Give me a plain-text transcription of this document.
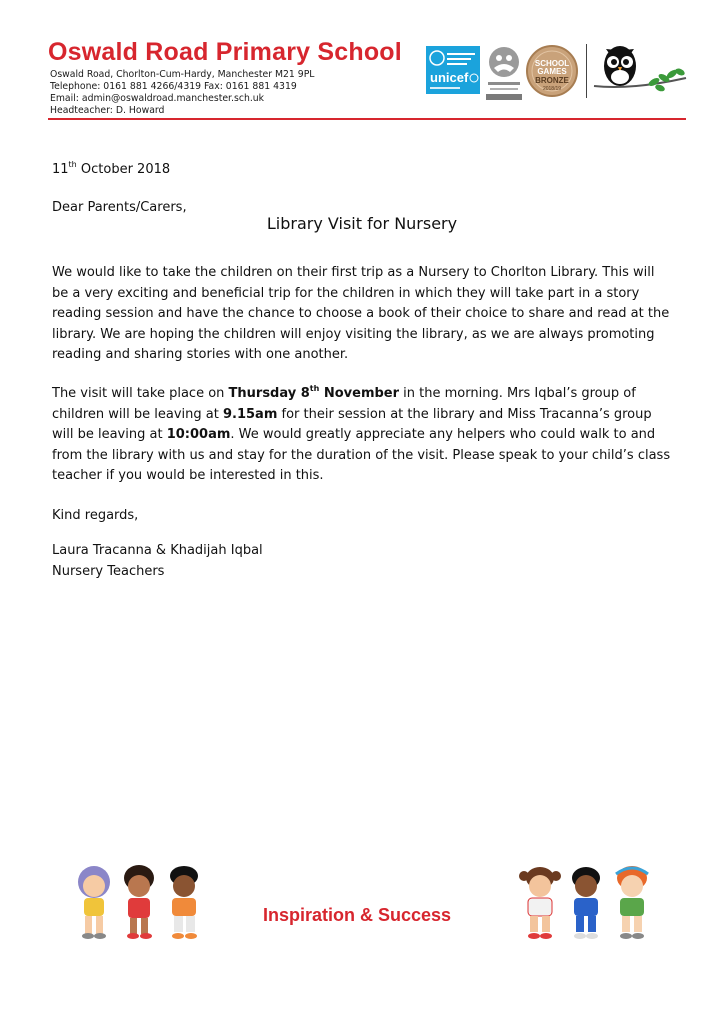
Oswald Road Primary School
Oswald Road, Chorlton-Cum-Hardy, Manchester M21 9PL
Telephone: 0161 881 4266/4319 Fax: 0161 881 4319
Email: admin@oswaldroad.manchester.sch.uk
Headteacher: D. Howard
unicef
SCHOOL
GAMES
BRONZE
2018/19
11th October 2018
Dear Parents/Carers,
Library Visit for Nursery
We would like to take the children on their first trip as a Nursery to Chorlton Library. This will be a very exciting and beneficial trip for the children in which they will take part in a story reading session and have the chance to choose a book of their choice to share and read at the library. We are hoping the children will enjoy visiting the library, as we are always promoting reading and sharing stories with one another.
The visit will take place on Thursday 8th November in the morning. Mrs Iqbal’s group of children will be leaving at 9.15am for their session at the library and Miss Tracanna’s group will be leaving at 10:00am. We would greatly appreciate any helpers who could walk to and from the library with us and stay for the duration of the visit. Please speak to your child’s class teacher if you would be interested in this.
Kind regards,
Laura Tracanna & Khadijah Iqbal
Nursery Teachers
Inspiration & Success
